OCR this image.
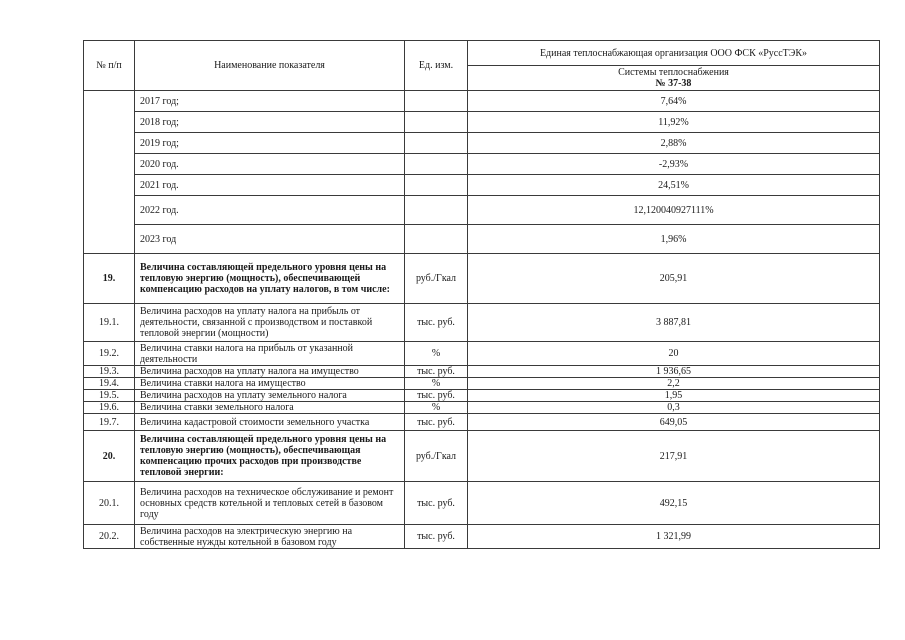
№ п/п	Наименование показателя	Ед. изм.	Единая теплоснабжающая организация ООО ФСК «РуссТЭК»
			Системы теплоснабжения
№ 37-38

	2017 год;		7,64%
	2018 год;		11,92%
	2019 год;		2,88%
	2020 год.		-2,93%
	2021 год.		24,51%
	2022 год.		12,120040927111%
	2023 год		1,96%
19.	Величина составляющей предельного уровня цены на тепловую энергию (мощность), обеспечивающей компенсацию расходов на уплату налогов, в том числе:	руб./Гкал	205,91
19.1.	Величина расходов на уплату налога на прибыль от деятельности, связанной с производством и поставкой тепловой энергии (мощности)	тыс. руб.	3 887,81
19.2.	Величина ставки налога на прибыль от указанной деятельности	%	20
19.3.	Величина расходов на уплату налога на имущество	тыс. руб.	1 936,65
19.4.	Величина ставки налога на имущество	%	2,2
19.5.	Величина расходов на уплату земельного налога	тыс. руб.	1,95
19.6.	Величина ставки земельного налога	%	0,3
19.7.	Величина кадастровой стоимости земельного участка	тыс. руб.	649,05
20.	Величина составляющей предельного уровня цены на тепловую энергию (мощность), обеспечивающая компенсацию прочих расходов при производстве тепловой энергии:	руб./Гкал	217,91
20.1.	Величина расходов на техническое обслуживание и ремонт основных средств котельной и тепловых сетей в базовом году	тыс. руб.	492,15
20.2.	Величина расходов на электрическую энергию на собственные нужды котельной в базовом году	тыс. руб.	1 321,99
